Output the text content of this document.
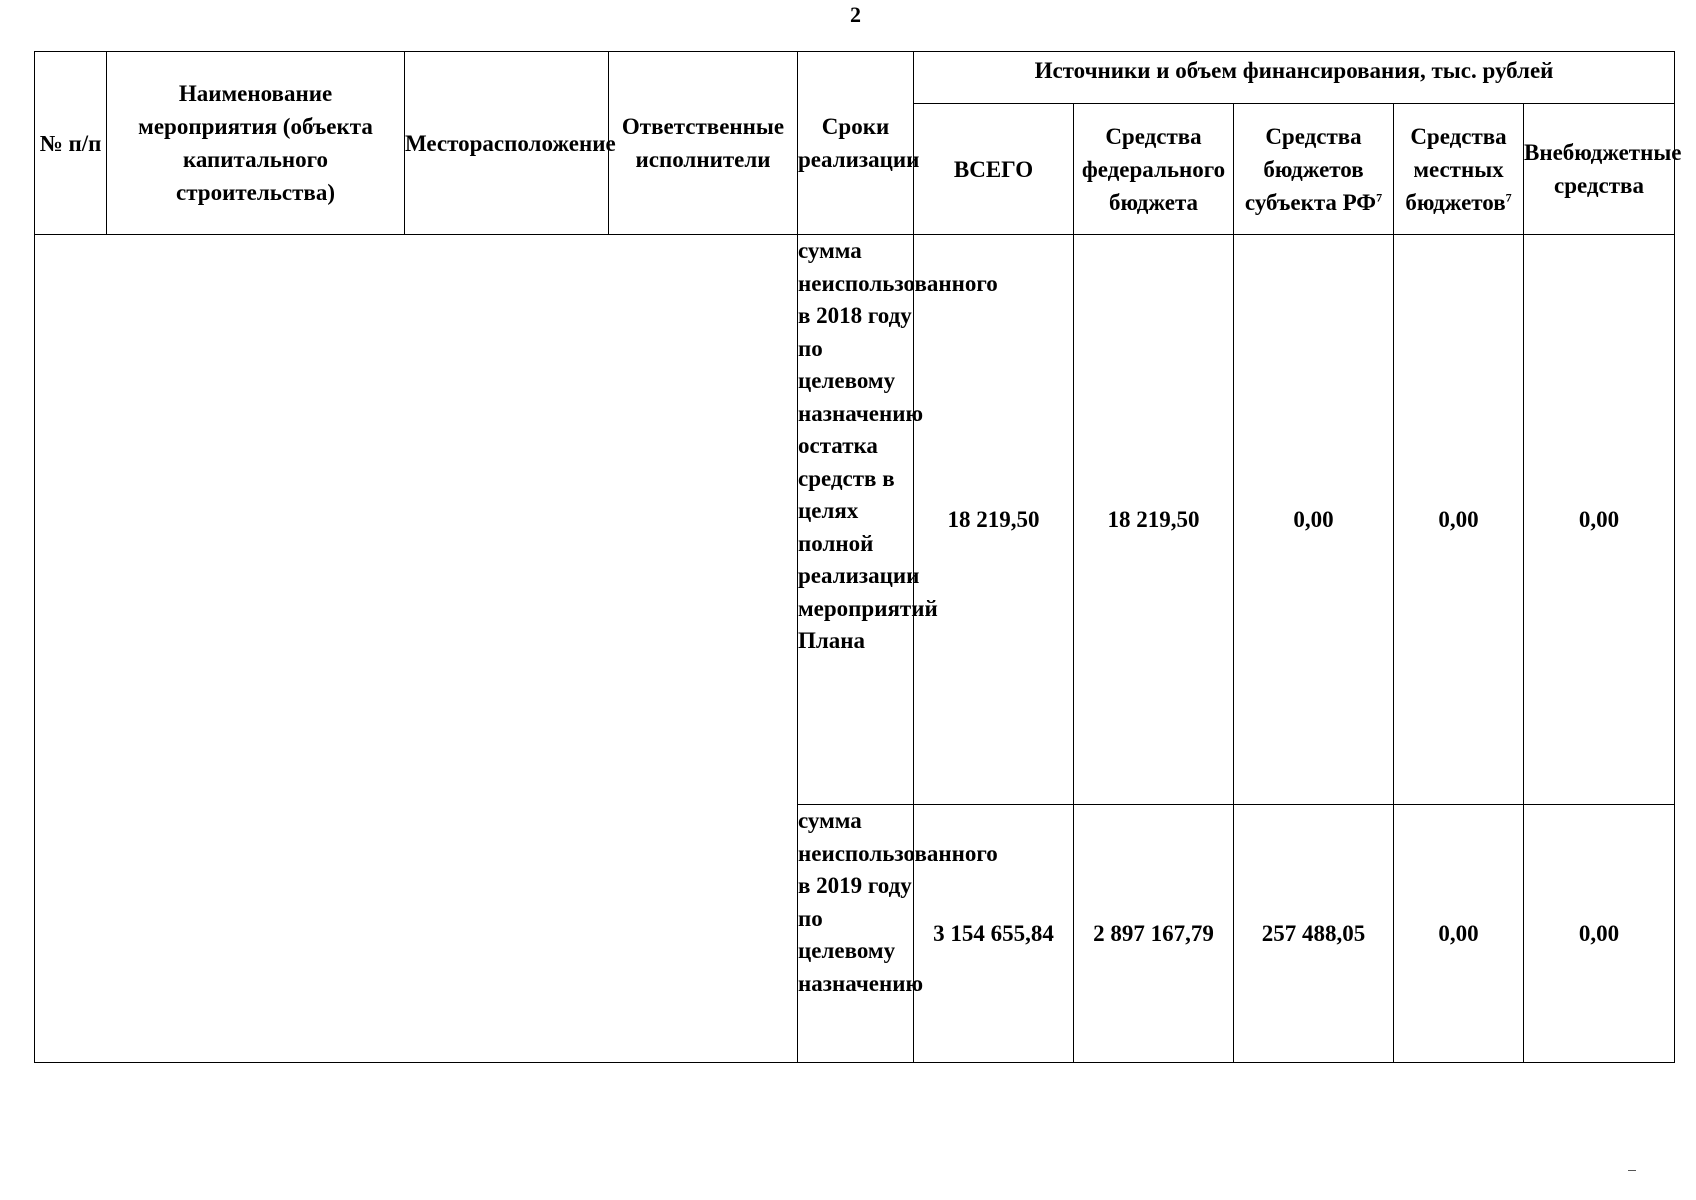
2
№ п/п	Наименование мероприятия (объекта капитального строительства)	Месторасположение	Ответственные исполнители	Сроки реализации	Источники и объем финансирования, тыс. рублей				
					ВСЕГО	Средства федерального бюджета	Средства бюджетов субъекта $РФ^7$	Средства местных бюджетов$^7$	Внебюджетные средства
				сумма неиспользованного в 2018 году по целевому назначению остатка средств в целях полной реализации мероприятий Плана	18 219,50	18 219,50	0,00	0,00	0,00
				сумма неиспользованного в 2019 году по целевому назначению	3 154 655,84	2 897 167,79	257 488,05	0,00	0,00
